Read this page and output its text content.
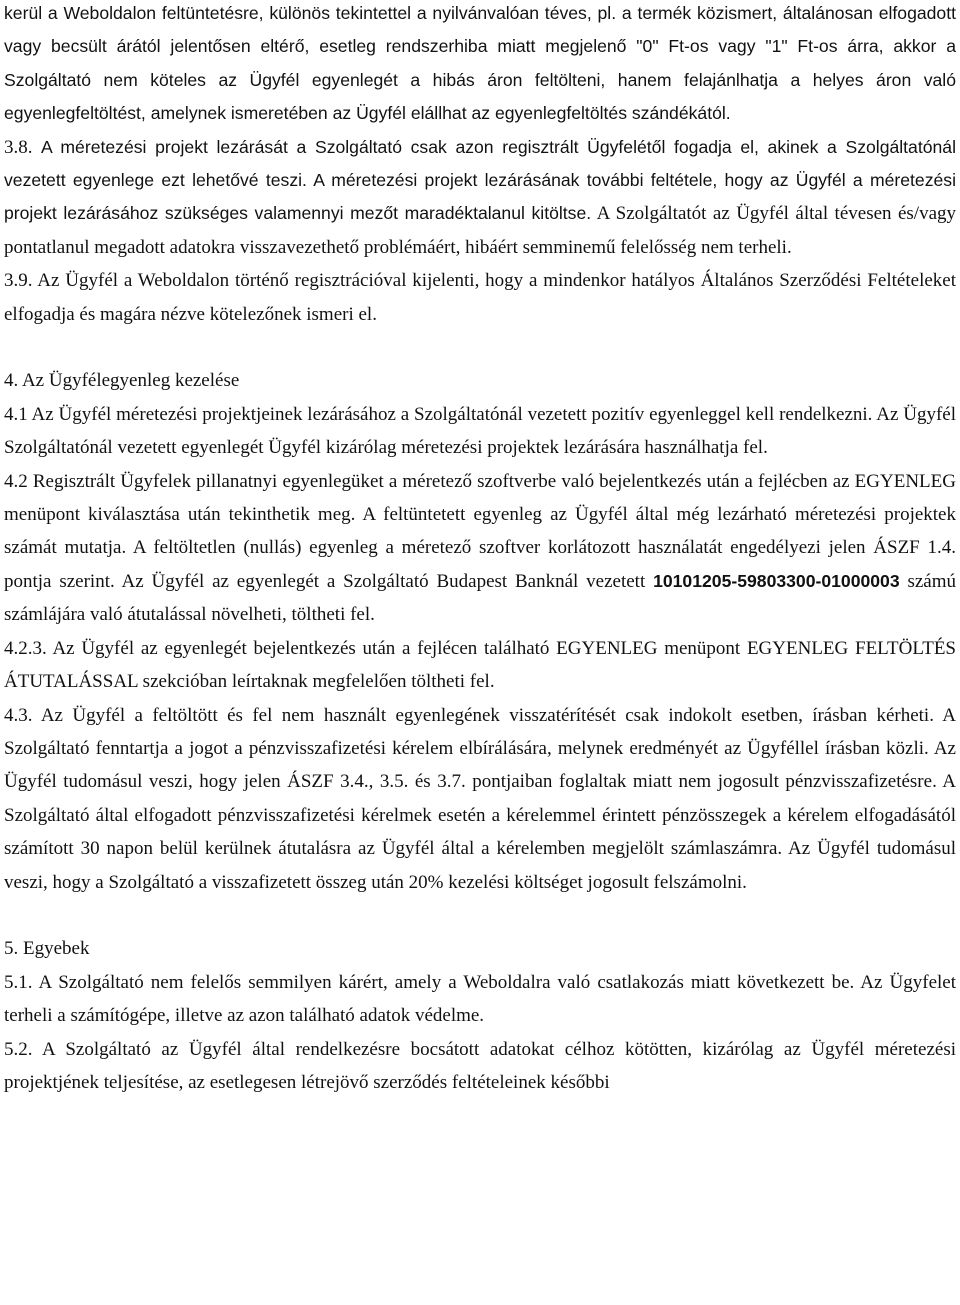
kerül a Weboldalon feltüntetésre, különös tekintettel a nyilvánvalóan téves, pl. a termék közismert, általánosan elfogadott vagy becsült árától jelentősen eltérő, esetleg rendszerhiba miatt megjelenő "0" Ft-os vagy "1" Ft-os árra, akkor a Szolgáltató nem köteles az Ügyfél egyenlegét a hibás áron feltölteni, hanem felajánlhatja a helyes áron való egyenlegfeltöltést, amelynek ismeretében az Ügyfél elállhat az egyenlegfeltöltés szándékától.

3.8. A méretezési projekt lezárását a Szolgáltató csak azon regisztrált Ügyfelétől fogadja el, akinek a Szolgáltatónál vezetett egyenlege ezt lehetővé teszi. A méretezési projekt lezárásának további feltétele, hogy az Ügyfél a méretezési projekt lezárásához szükséges valamennyi mezőt maradéktalanul kitöltse. A Szolgáltatót az Ügyfél által tévesen és/vagy pontatlanul megadott adatokra visszavezethető problémáért, hibáért semminemű felelősség nem terheli.

3.9. Az Ügyfél a Weboldalon történő regisztrációval kijelenti, hogy a mindenkor hatályos Általános Szerződési Feltételeket elfogadja és magára nézve kötelezőnek ismeri el.

4. Az Ügyfélegyenleg kezelése

4.1 Az Ügyfél méretezési projektjeinek lezárásához a Szolgáltatónál vezetett pozitív egyenleggel kell rendelkezni. Az Ügyfél Szolgáltatónál vezetett egyenlegét Ügyfél kizárólag méretezési projektek lezárására használhatja fel.

4.2 Regisztrált Ügyfelek pillanatnyi egyenlegüket a méretező szoftverbe való bejelentkezés után a fejlécben az EGYENLEG menüpont kiválasztása után tekinthetik meg. A feltüntetett egyenleg az Ügyfél által még lezárható méretezési projektek számát mutatja. A feltöltetlen (nullás) egyenleg a méretező szoftver korlátozott használatát engedélyezi jelen ÁSZF 1.4. pontja szerint. Az Ügyfél az egyenlegét a Szolgáltató Budapest Banknál vezetett 10101205-59803300-01000003 számú számlájára való átutalással növelheti, töltheti fel.

4.2.3. Az Ügyfél az egyenlegét bejelentkezés után a fejlécen található EGYENLEG menüpont EGYENLEG FELTÖLTÉS ÁTUTALÁSSAL szekcióban leírtaknak megfelelően töltheti fel.

4.3. Az Ügyfél a feltöltött és fel nem használt egyenlegének visszatérítését csak indokolt esetben, írásban kérheti. A Szolgáltató fenntartja a jogot a pénzvisszafizetési kérelem elbírálására, melynek eredményét az Ügyféllel írásban közli. Az Ügyfél tudomásul veszi, hogy jelen ÁSZF 3.4., 3.5. és 3.7. pontjaiban foglaltak miatt nem jogosult pénzvisszafizetésre. A Szolgáltató által elfogadott pénzvisszafizetési kérelmek esetén a kérelemmel érintett pénzösszegek a kérelem elfogadásától számított 30 napon belül kerülnek átutalásra az Ügyfél által a kérelemben megjelölt számlaszámra. Az Ügyfél tudomásul veszi, hogy a Szolgáltató a visszafizetett összeg után 20% kezelési költséget jogosult felszámolni.

5. Egyebek

5.1. A Szolgáltató nem felelős semmilyen kárért, amely a Weboldalra való csatlakozás miatt következett be. Az Ügyfelet terheli a számítógépe, illetve az azon található adatok védelme.

5.2. A Szolgáltató az Ügyfél által rendelkezésre bocsátott adatokat célhoz kötötten, kizárólag az Ügyfél méretezési projektjének teljesítése, az esetlegesen létrejövő szerződés feltételeinek későbbi
